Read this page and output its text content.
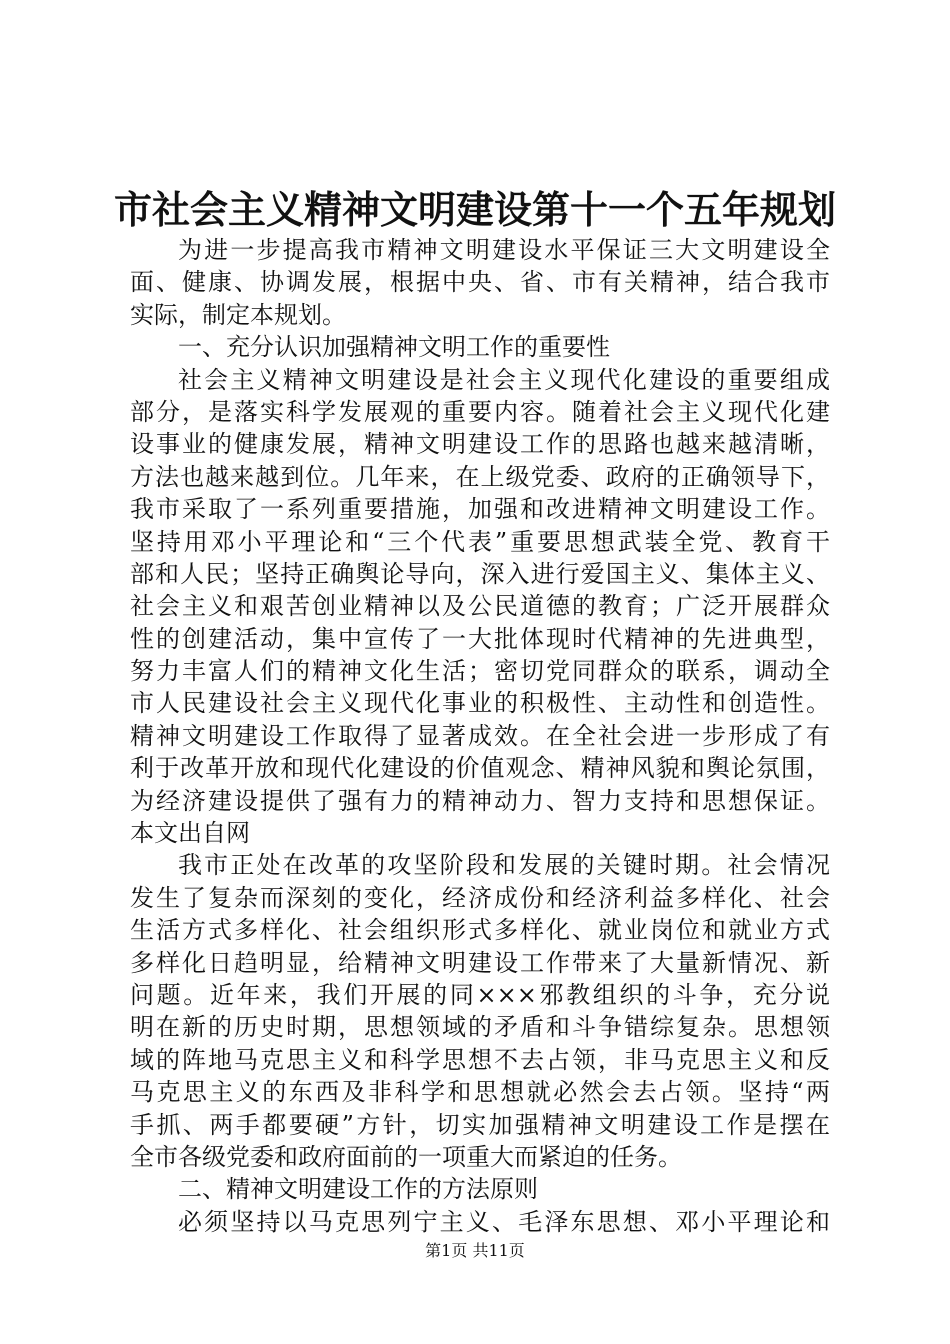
市社会主义精神文明建设第十一个五年规划
为进一步提高我市精神文明建设水平保证三大文明建设全
面、健康、协调发展，根据中央、省、市有关精神，结合我市
实际，制定本规划。
一、充分认识加强精神文明工作的重要性
社会主义精神文明建设是社会主义现代化建设的重要组成
部分，是落实科学发展观的重要内容。随着社会主义现代化建
设事业的健康发展，精神文明建设工作的思路也越来越清晰，
方法也越来越到位。几年来，在上级党委、政府的正确领导下，
我市采取了一系列重要措施，加强和改进精神文明建设工作。
坚持用邓小平理论和“三个代表”重要思想武装全党、教育干
部和人民；坚持正确舆论导向，深入进行爱国主义、集体主义、
社会主义和艰苦创业精神以及公民道德的教育；广泛开展群众
性的创建活动，集中宣传了一大批体现时代精神的先进典型，
努力丰富人们的精神文化生活；密切党同群众的联系，调动全
市人民建设社会主义现代化事业的积极性、主动性和创造性。
精神文明建设工作取得了显著成效。在全社会进一步形成了有
利于改革开放和现代化建设的价值观念、精神风貌和舆论氛围，
为经济建设提供了强有力的精神动力、智力支持和思想保证。
本文出自网
我市正处在改革的攻坚阶段和发展的关键时期。社会情况
发生了复杂而深刻的变化，经济成份和经济利益多样化、社会
生活方式多样化、社会组织形式多样化、就业岗位和就业方式
多样化日趋明显，给精神文明建设工作带来了大量新情况、新
问题。近年来，我们开展的同×××邪教组织的斗争，充分说
明在新的历史时期，思想领域的矛盾和斗争错综复杂。思想领
域的阵地马克思主义和科学思想不去占领，非马克思主义和反
马克思主义的东西及非科学和思想就必然会去占领。坚持“两
手抓、两手都要硬”方针，切实加强精神文明建设工作是摆在
全市各级党委和政府面前的一项重大而紧迫的任务。
二、精神文明建设工作的方法原则
必须坚持以马克思列宁主义、毛泽东思想、邓小平理论和
第1页 共11页
